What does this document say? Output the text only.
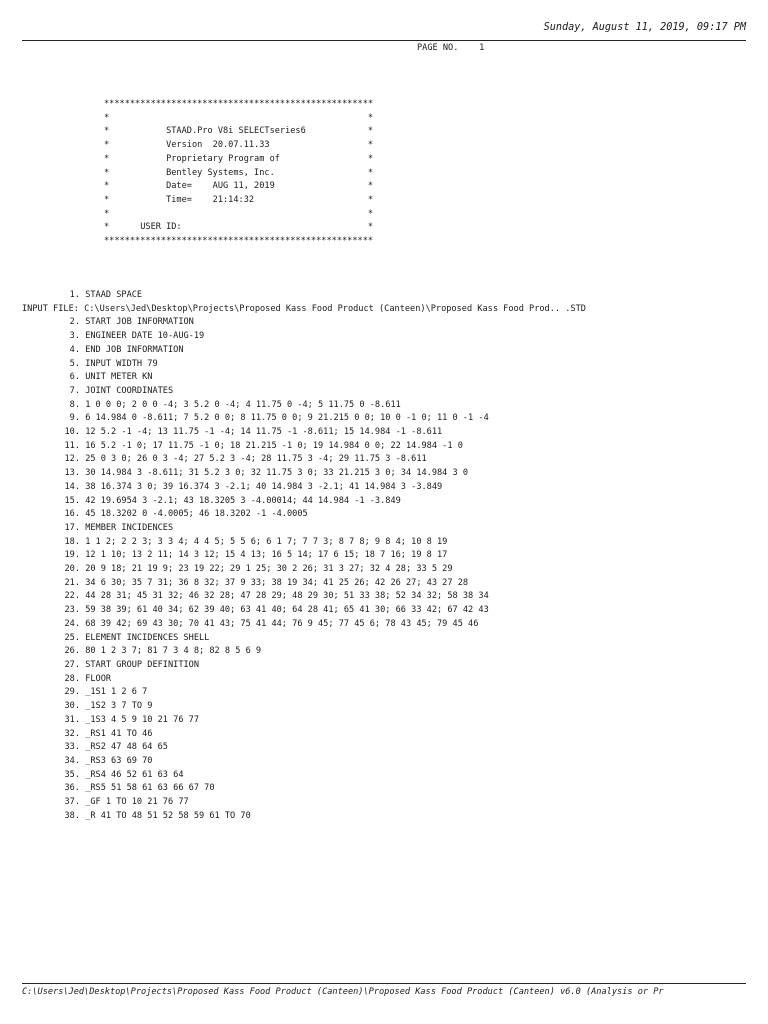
Sunday, August 11, 2019, 09:17 PM
PAGE NO.    1
****************************************************
*                                                  *
*           STAAD.Pro V8i SELECTseries6            *
*           Version  20.07.11.33                   *
*           Proprietary Program of                 *
*           Bentley Systems, Inc.                  *
*           Date=    AUG 11, 2019                  *
*           Time=    21:14:32                      *
*                                                  *
*      USER ID:                                    *
****************************************************
1. STAAD SPACE
INPUT FILE: C:\Users\Jed\Desktop\Projects\Proposed Kass Food Product (Canteen)\Proposed Kass Food Prod.. .STD
2. START JOB INFORMATION
3. ENGINEER DATE 10-AUG-19
4. END JOB INFORMATION
5. INPUT WIDTH 79
6. UNIT METER KN
7. JOINT COORDINATES
8. 1 0 0 0; 2 0 0 -4; 3 5.2 0 -4; 4 11.75 0 -4; 5 11.75 0 -8.611
9. 6 14.984 0 -8.611; 7 5.2 0 0; 8 11.75 0 0; 9 21.215 0 0; 10 0 -1 0; 11 0 -1 -4
10. 12 5.2 -1 -4; 13 11.75 -1 -4; 14 11.75 -1 -8.611; 15 14.984 -1 -8.611
11. 16 5.2 -1 0; 17 11.75 -1 0; 18 21.215 -1 0; 19 14.984 0 0; 22 14.984 -1 0
12. 25 0 3 0; 26 0 3 -4; 27 5.2 3 -4; 28 11.75 3 -4; 29 11.75 3 -8.611
13. 30 14.984 3 -8.611; 31 5.2 3 0; 32 11.75 3 0; 33 21.215 3 0; 34 14.984 3 0
14. 38 16.374 3 0; 39 16.374 3 -2.1; 40 14.984 3 -2.1; 41 14.984 3 -3.849
15. 42 19.6954 3 -2.1; 43 18.3205 3 -4.00014; 44 14.984 -1 -3.849
16. 45 18.3202 0 -4.0005; 46 18.3202 -1 -4.0005
17. MEMBER INCIDENCES
18. 1 1 2; 2 2 3; 3 3 4; 4 4 5; 5 5 6; 6 1 7; 7 7 3; 8 7 8; 9 8 4; 10 8 19
19. 12 1 10; 13 2 11; 14 3 12; 15 4 13; 16 5 14; 17 6 15; 18 7 16; 19 8 17
20. 20 9 18; 21 19 9; 23 19 22; 29 1 25; 30 2 26; 31 3 27; 32 4 28; 33 5 29
21. 34 6 30; 35 7 31; 36 8 32; 37 9 33; 38 19 34; 41 25 26; 42 26 27; 43 27 28
22. 44 28 31; 45 31 32; 46 32 28; 47 28 29; 48 29 30; 51 33 38; 52 34 32; 58 38 34
23. 59 38 39; 61 40 34; 62 39 40; 63 41 40; 64 28 41; 65 41 30; 66 33 42; 67 42 43
24. 68 39 42; 69 43 30; 70 41 43; 75 41 44; 76 9 45; 77 45 6; 78 43 45; 79 45 46
25. ELEMENT INCIDENCES SHELL
26. 80 1 2 3 7; 81 7 3 4 8; 82 8 5 6 9
27. START GROUP DEFINITION
28. FLOOR
29. _1S1 1 2 6 7
30. _1S2 3 7 TO 9
31. _1S3 4 5 9 10 21 76 77
32. _RS1 41 TO 46
33. _RS2 47 48 64 65
34. _RS3 63 69 70
35. _RS4 46 52 61 63 64
36. _RS5 51 58 61 63 66 67 70
37. _GF 1 TO 10 21 76 77
38. _R 41 TO 48 51 52 58 59 61 TO 70
C:\Users\Jed\Desktop\Projects\Proposed Kass Food Product (Canteen)\Proposed Kass Food Product (Canteen) v6.0 (Analysis or Pr
